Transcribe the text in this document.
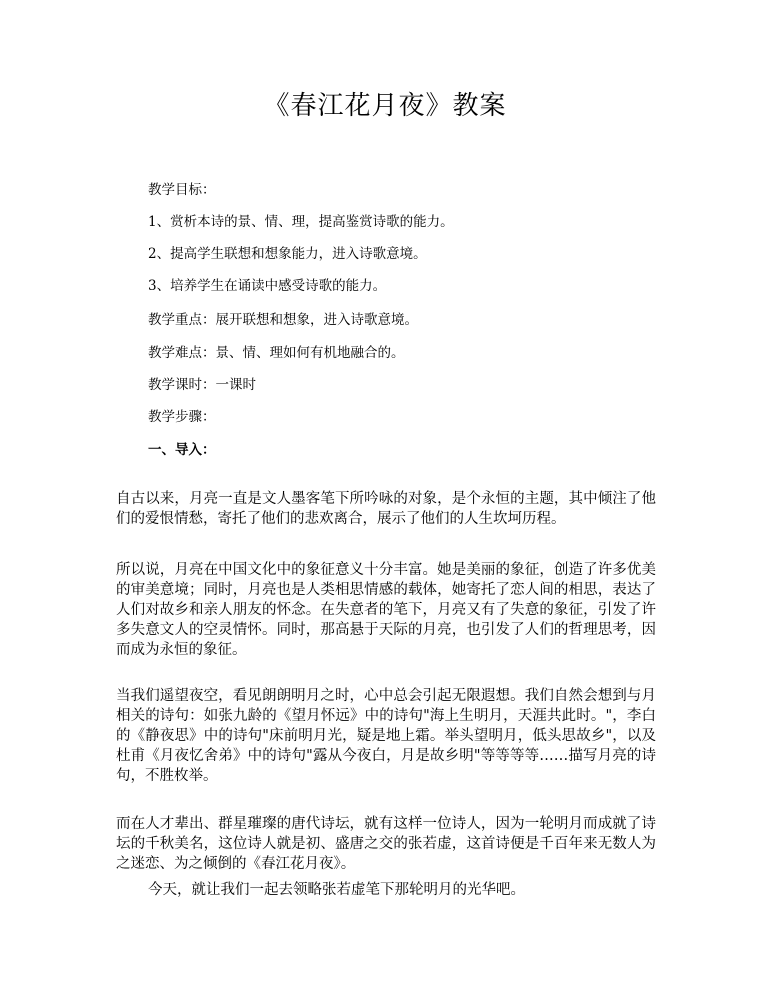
《春江花月夜》教案
教学目标：
1、赏析本诗的景、情、理，提高鉴赏诗歌的能力。
2、提高学生联想和想象能力，进入诗歌意境。
3、培养学生在诵读中感受诗歌的能力。
教学重点：展开联想和想象，进入诗歌意境。
教学难点：景、情、理如何有机地融合的。
教学课时：一课时
教学步骤：
一、导入：
自古以来，月亮一直是文人墨客笔下所吟咏的对象，是个永恒的主题，其中倾注了他们的爱恨情愁，寄托了他们的悲欢离合，展示了他们的人生坎坷历程。
所以说，月亮在中国文化中的象征意义十分丰富。她是美丽的象征，创造了许多优美的审美意境；同时，月亮也是人类相思情感的载体，她寄托了恋人间的相思，表达了人们对故乡和亲人朋友的怀念。在失意者的笔下，月亮又有了失意的象征，引发了许多失意文人的空灵情怀。同时，那高悬于天际的月亮，也引发了人们的哲理思考，因而成为永恒的象征。
当我们遥望夜空，看见朗朗明月之时，心中总会引起无限遐想。我们自然会想到与月相关的诗句：如张九龄的《望月怀远》中的诗句"海上生明月，天涯共此时。"，李白的《静夜思》中的诗句"床前明月光，疑是地上霜。举头望明月，低头思故乡"，以及杜甫《月夜忆舍弟》中的诗句"露从今夜白，月是故乡明"等等等等……描写月亮的诗句，不胜枚举。
而在人才辈出、群星璀璨的唐代诗坛，就有这样一位诗人，因为一轮明月而成就了诗坛的千秋美名，这位诗人就是初、盛唐之交的张若虚，这首诗便是千百年来无数人为之迷恋、为之倾倒的《春江花月夜》。
今天，就让我们一起去领略张若虚笔下那轮明月的光华吧。
